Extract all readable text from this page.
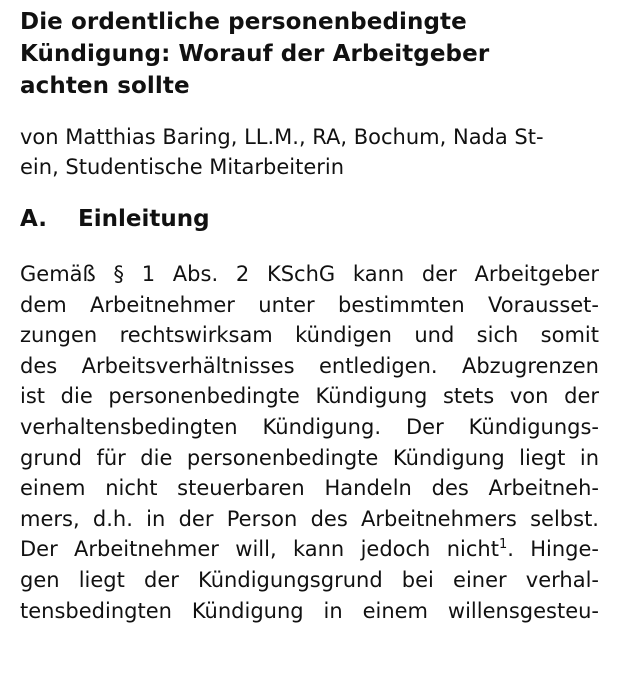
Die ordentliche personenbedingte
Kündigung: Worauf der Arbeitgeber
achten sollte
von Matthias Baring, LL.M., RA, Bochum, Nada St-
ein, Studentische Mitarbeiterin
A.	Einleitung
Gemäß § 1 Abs. 2 KSchG kann der Arbeitgeber
dem Arbeitnehmer unter bestimmten Vorausset-
zungen rechtswirksam kündigen und sich somit
des Arbeitsverhältnisses entledigen. Abzugrenzen
ist die personenbedingte Kündigung stets von der
verhaltensbedingten Kündigung. Der Kündigungs-
grund für die personenbedingte Kündigung liegt in
einem nicht steuerbaren Handeln des Arbeitneh-
mers, d.h. in der Person des Arbeitnehmers selbst.
Der Arbeitnehmer will, kann jedoch nicht$^1$. Hinge-
gen liegt der Kündigungsgrund bei einer verhal-
tensbedingten Kündigung in einem willensgesteu-
